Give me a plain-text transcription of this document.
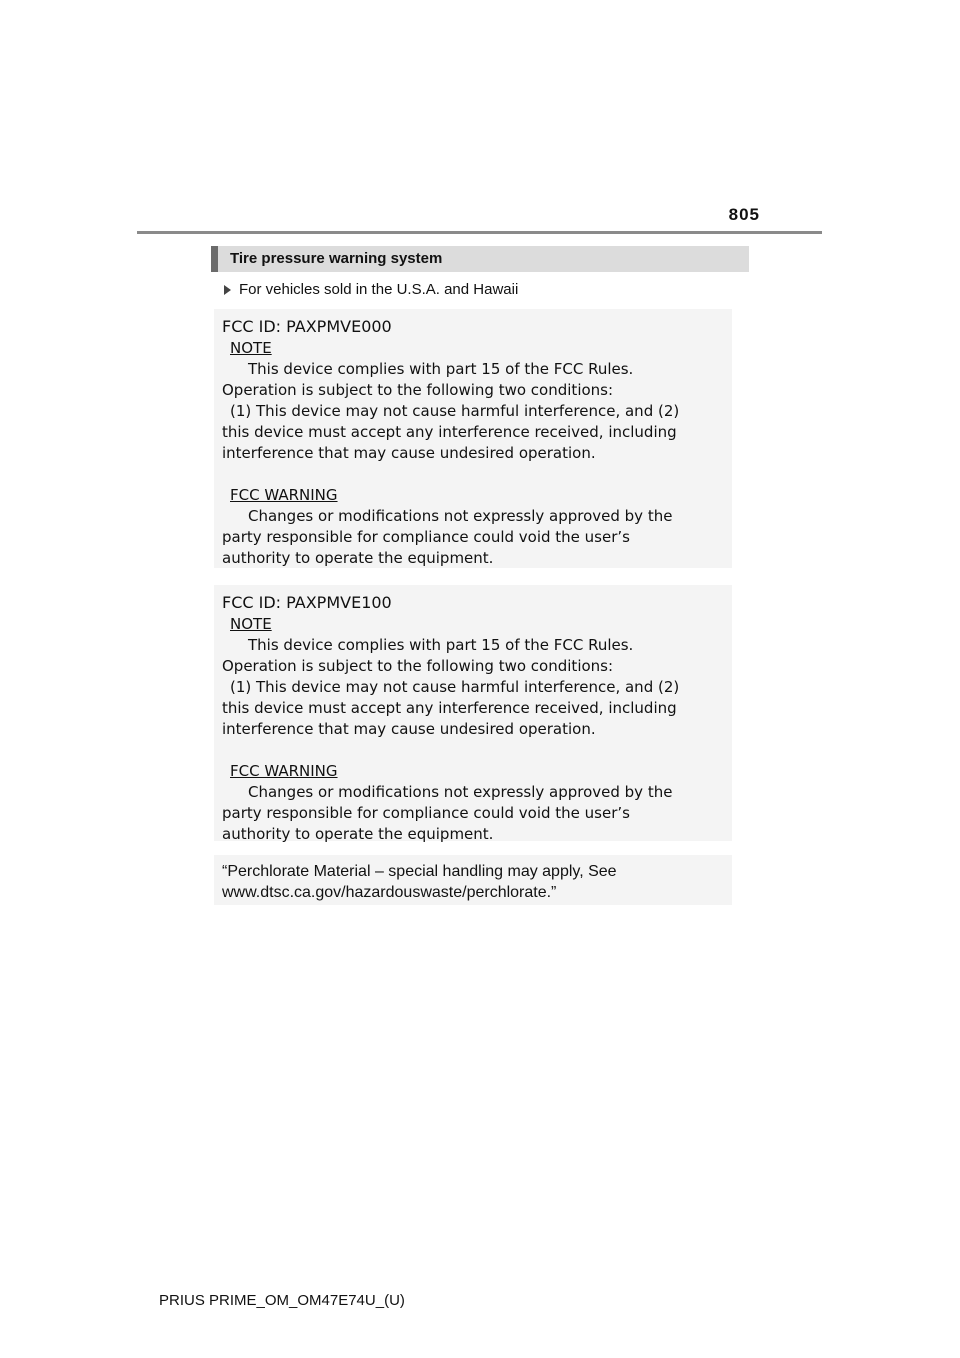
805
Tire pressure warning system
For vehicles sold in the U.S.A. and Hawaii
FCC ID: PAXPMVE000
NOTE
This device complies with part 15 of the FCC Rules.
Operation is subject to the following two conditions:
(1) This device may not cause harmful interference, and (2)
this device must accept any interference received, including
interference that may cause undesired operation.
FCC WARNING
Changes or modifications not expressly approved by the
party responsible for compliance could void the user’s
authority to operate the equipment.
FCC ID: PAXPMVE100
NOTE
This device complies with part 15 of the FCC Rules.
Operation is subject to the following two conditions:
(1) This device may not cause harmful interference, and (2)
this device must accept any interference received, including
interference that may cause undesired operation.
FCC WARNING
Changes or modifications not expressly approved by the
party responsible for compliance could void the user’s
authority to operate the equipment.
“Perchlorate Material – special handling may apply, See
www.dtsc.ca.gov/hazardouswaste/perchlorate.”
PRIUS PRIME_OM_OM47E74U_(U)
